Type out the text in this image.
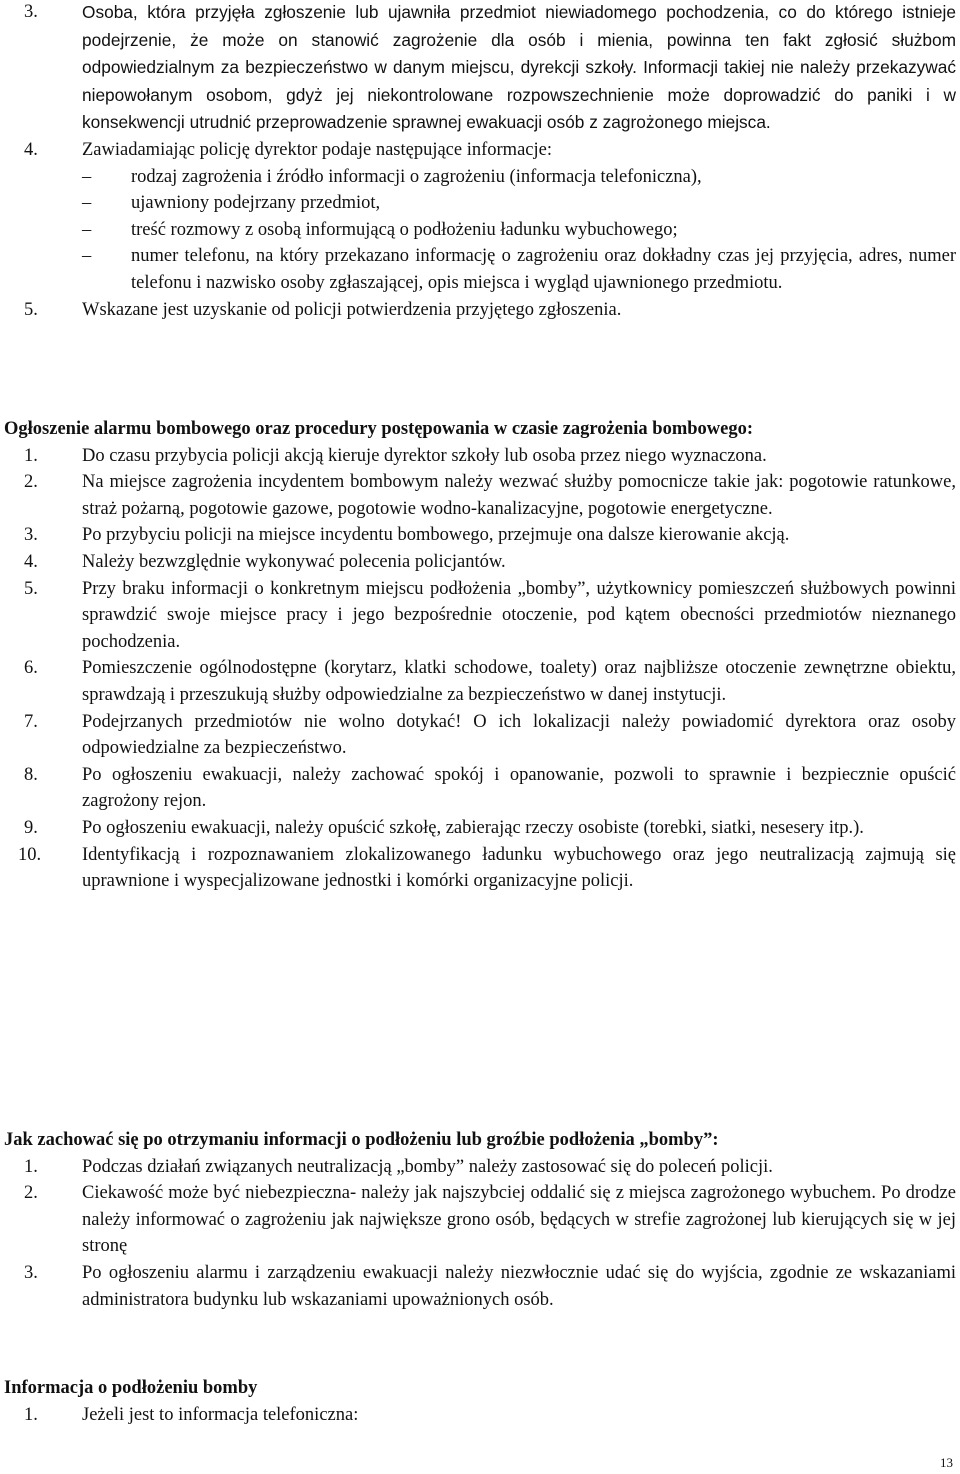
3.	Osoba, która przyjęła zgłoszenie lub ujawniła przedmiot niewiadomego pochodzenia, co do którego istnieje podejrzenie, że może on stanowić zagrożenie dla osób i mienia, powinna ten fakt zgłosić służbom odpowiedzialnym za bezpieczeństwo w danym miejscu, dyrekcji szkoły. Informacji takiej nie należy przekazywać niepowołanym osobom, gdyż jej niekontrolowane rozpowszechnienie może doprowadzić do paniki i w konsekwencji utrudnić przeprowadzenie sprawnej ewakuacji osób z zagrożonego miejsca.
4. Zawiadamiając policję dyrektor podaje następujące informacje:
– rodzaj zagrożenia i źródło informacji o zagrożeniu (informacja telefoniczna),
– ujawniony podejrzany przedmiot,
– treść rozmowy z osobą informującą o podłożeniu ładunku wybuchowego;
– numer telefonu, na który przekazano informację o zagrożeniu oraz dokładny czas jej przyjęcia, adres, numer telefonu i nazwisko osoby zgłaszającej, opis miejsca i wygląd ujawnionego przedmiotu.
5. Wskazane jest uzyskanie od policji potwierdzenia przyjętego zgłoszenia.
Ogłoszenie alarmu bombowego oraz procedury postępowania w czasie zagrożenia bombowego:
1. Do czasu przybycia policji akcją kieruje dyrektor szkoły lub osoba przez niego wyznaczona.
2. Na miejsce zagrożenia incydentem bombowym należy wezwać służby pomocnicze takie jak: pogotowie ratunkowe, straż pożarną, pogotowie gazowe, pogotowie wodno-kanalizacyjne, pogotowie energetyczne.
3. Po przybyciu policji na miejsce incydentu bombowego, przejmuje ona dalsze kierowanie akcją.
4. Należy bezwzględnie wykonywać polecenia policjantów.
5. Przy braku informacji o konkretnym miejscu podłożenia „bomby”, użytkownicy pomieszczeń służbowych powinni sprawdzić swoje miejsce pracy i jego bezpośrednie otoczenie, pod kątem obecności przedmiotów nieznanego pochodzenia.
6. Pomieszczenie ogólnodostępne (korytarz, klatki schodowe, toalety) oraz najbliższe otoczenie zewnętrzne obiektu, sprawdzają i przeszukują służby odpowiedzialne za bezpieczeństwo w danej instytucji.
7. Podejrzanych przedmiotów nie wolno dotykać! O ich lokalizacji należy powiadomić dyrektora oraz osoby odpowiedzialne za bezpieczeństwo.
8. Po ogłoszeniu ewakuacji, należy zachować spokój i opanowanie, pozwoli to sprawnie i bezpiecznie opuścić zagrożony rejon.
9. Po ogłoszeniu ewakuacji, należy opuścić szkołę, zabierając rzeczy osobiste (torebki, siatki, nesesery itp.).
10. Identyfikacją i rozpoznawaniem zlokalizowanego ładunku wybuchowego oraz jego neutralizacją zajmują się uprawnione i wyspecjalizowane jednostki i komórki organizacyjne policji.
Jak zachować się po otrzymaniu informacji o podłożeniu lub groźbie podłożenia „bomby”:
1. Podczas działań związanych neutralizacją „bomby” należy zastosować się do poleceń policji.
2. Ciekawość może być niebezpieczna- należy jak najszybciej oddalić się z miejsca zagrożonego wybuchem. Po drodze należy informować o zagrożeniu jak największe grono osób, będących w strefie zagrożonej lub kierujących się w jej stronę
3. Po ogłoszeniu alarmu i zarządzeniu ewakuacji należy niezwłocznie udać się do wyjścia, zgodnie ze wskazaniami administratora budynku lub wskazaniami upoważnionych osób.
Informacja o podłożeniu bomby
1. Jeżeli jest to informacja telefoniczna:
13
